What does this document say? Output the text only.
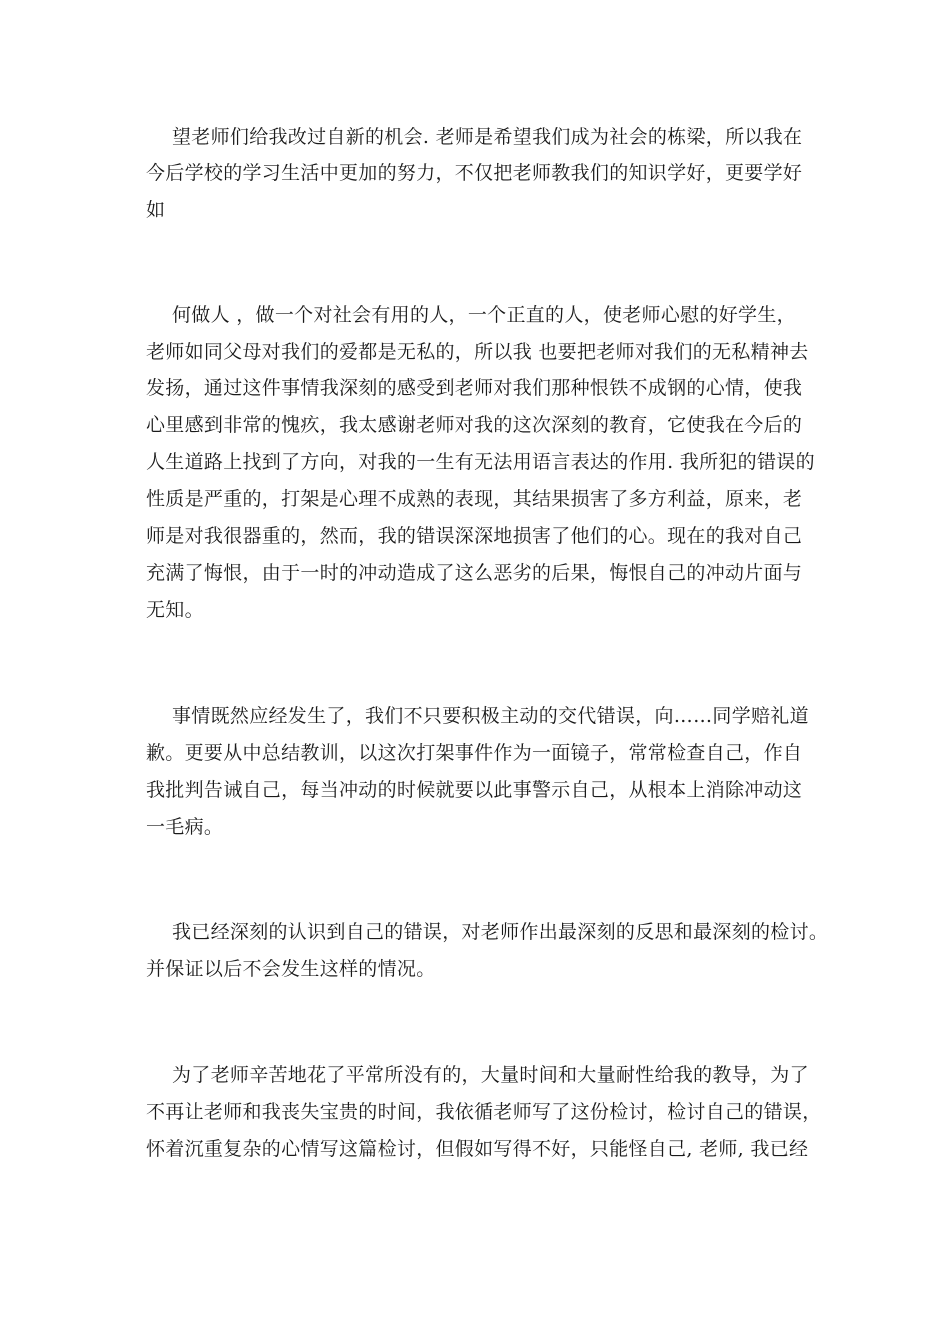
望老师们给我改过自新的机会. 老师是希望我们成为社会的栋梁，所以我在
今后学校的学习生活中更加的努力，不仅把老师教我们的知识学好，更要学好
如
何做人 ，做一个对社会有用的人，一个正直的人，使老师心慰的好学生，
老师如同父母对我们的爱都是无私的，所以我 也要把老师对我们的无私精神去
发扬，通过这件事情我深刻的感受到老师对我们那种恨铁不成钢的心情，使我
心里感到非常的愧疚，我太感谢老师对我的这次深刻的教育，它使我在今后的
人生道路上找到了方向，对我的一生有无法用语言表达的作用. 我所犯的错误的
性质是严重的，打架是心理不成熟的表现，其结果损害了多方利益，原来，老
师是对我很器重的，然而，我的错误深深地损害了他们的心。现在的我对自己
充满了悔恨，由于一时的冲动造成了这么恶劣的后果，悔恨自己的冲动片面与
无知。
事情既然应经发生了，我们不只要积极主动的交代错误，向……同学赔礼道
歉。更要从中总结教训，以这次打架事件作为一面镜子，常常检查自己，作自
我批判告诫自己，每当冲动的时候就要以此事警示自己，从根本上消除冲动这
一毛病。
我已经深刻的认识到自己的错误，对老师作出最深刻的反思和最深刻的检讨。
并保证以后不会发生这样的情况。
为了老师辛苦地花了平常所没有的，大量时间和大量耐性给我的教导，为了
不再让老师和我丧失宝贵的时间，我依循老师写了这份检讨，检讨自己的错误，
怀着沉重复杂的心情写这篇检讨，但假如写得不好，只能怪自己, 老师, 我已经
